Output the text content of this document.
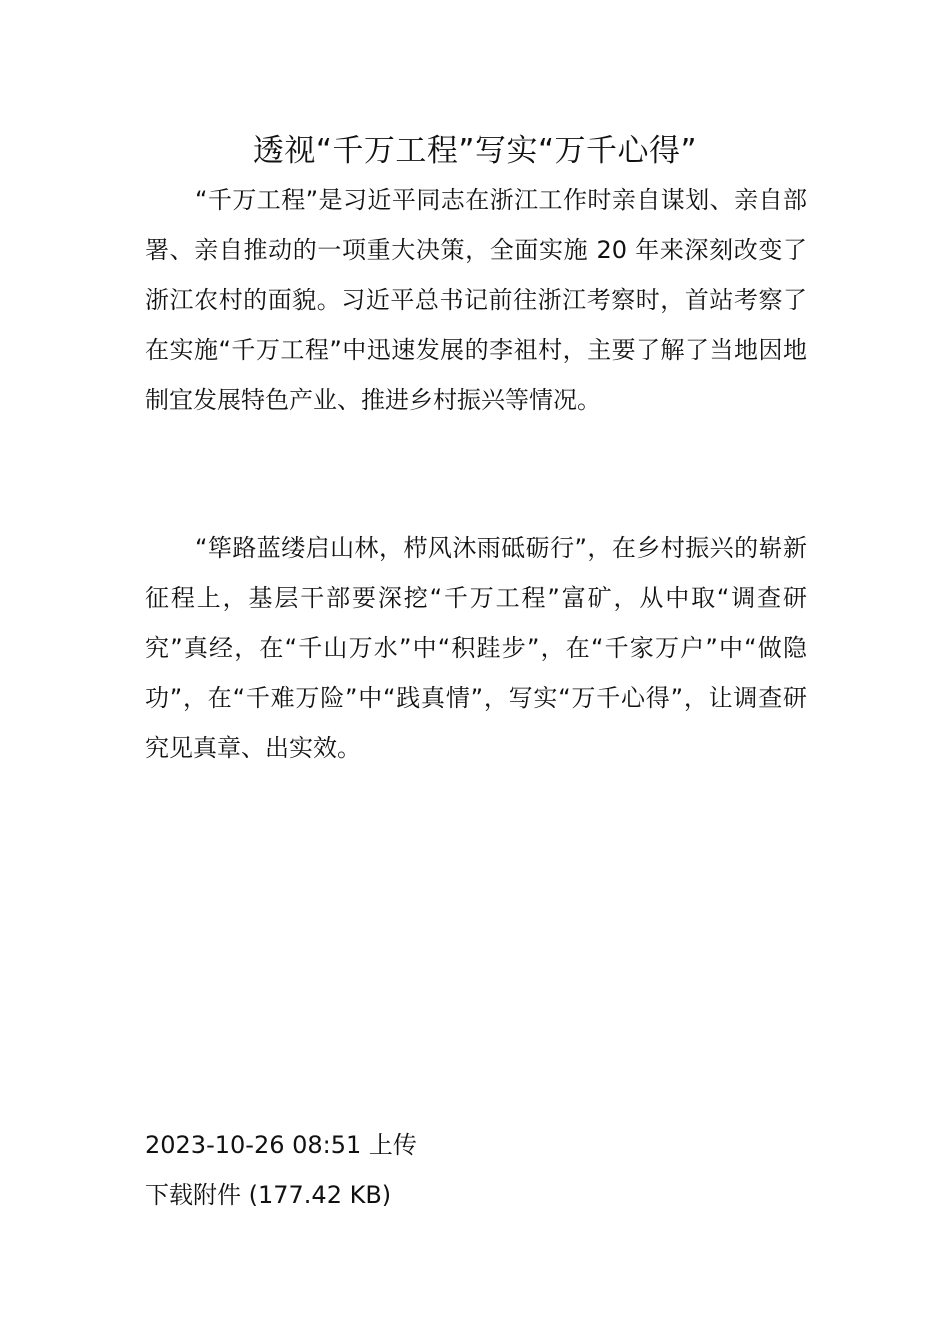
透视“千万工程”写实“万千心得”

“千万工程”是习近平同志在浙江工作时亲自谋划、亲自部署、亲自推动的一项重大决策，全面实施 20 年来深刻改变了浙江农村的面貌。习近平总书记前往浙江考察时，首站考察了在实施“千万工程”中迅速发展的李祖村，主要了解了当地因地制宜发展特色产业、推进乡村振兴等情况。

“筚路蓝缕启山林，栉风沐雨砥砺行”，在乡村振兴的崭新征程上，基层干部要深挖“千万工程”富矿，从中取“调查研究”真经，在“千山万水”中“积跬步”，在“千家万户”中“做隐功”，在“千难万险”中“践真情”，写实“万千心得”，让调查研究见真章、出实效。

2023-10-26 08:51 上传

下载附件 (177.42 KB)
